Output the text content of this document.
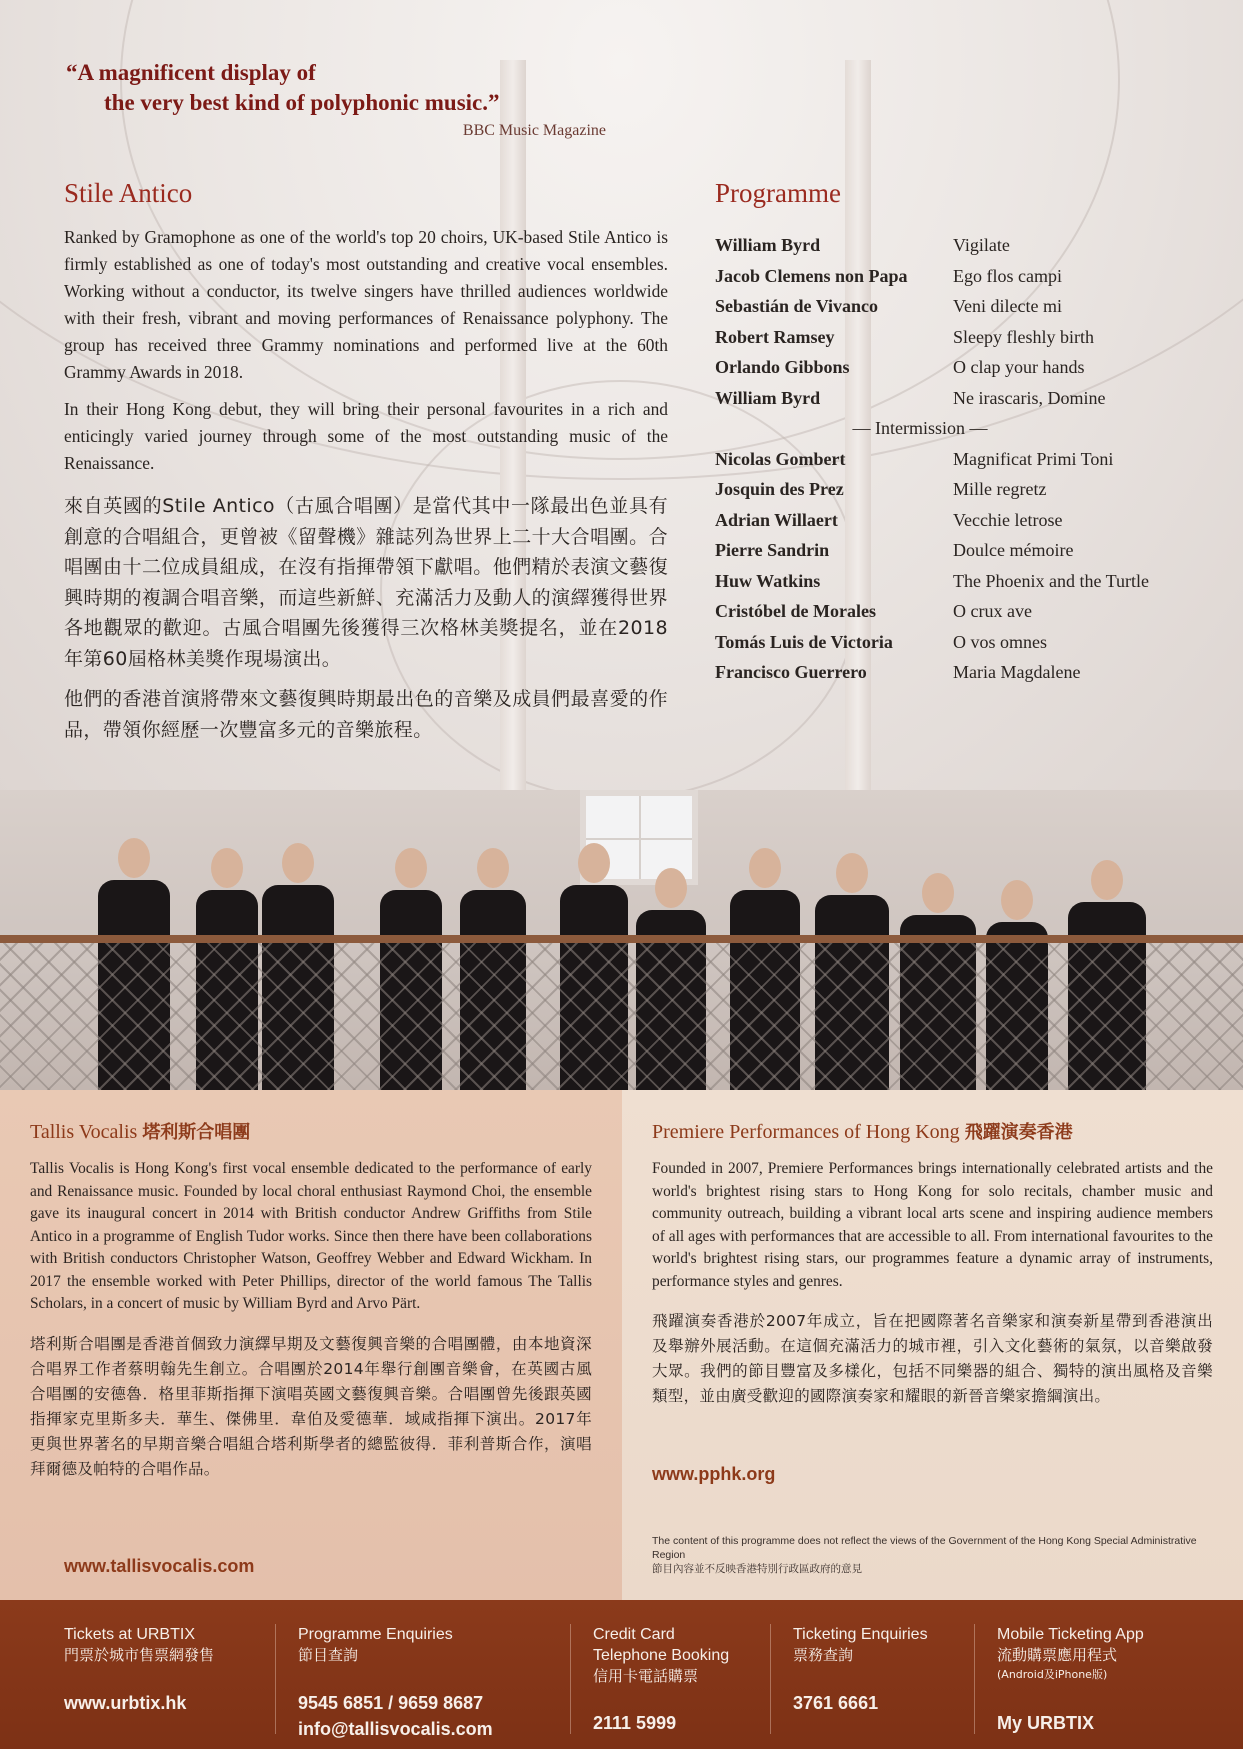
“A magnificent display of
the very best kind of polyphonic music.”
BBC Music Magazine
Stile Antico

Ranked by Gramophone as one of the world's top 20 choirs, UK-based Stile Antico is firmly established as one of today's most outstanding and creative vocal ensembles. Working without a conductor, its twelve singers have thrilled audiences worldwide with their fresh, vibrant and moving performances of Renaissance polyphony. The group has received three Grammy nominations and performed live at the 60th Grammy Awards in 2018.

In their Hong Kong debut, they will bring their personal favourites in a rich and enticingly varied journey through some of the most outstanding music of the Renaissance.

來自英國的Stile Antico（古風合唱團）是當代其中一隊最出色並具有創意的合唱組合，更曾被《留聲機》雜誌列為世界上二十大合唱團。合唱團由十二位成員組成，在沒有指揮帶領下獻唱。他們精於表演文藝復興時期的複調合唱音樂，而這些新鮮、充滿活力及動人的演繹獲得世界各地觀眾的歡迎。古風合唱團先後獲得三次格林美獎提名，並在2018年第60屆格林美獎作現場演出。

他們的香港首演將帶來文藝復興時期最出色的音樂及成員們最喜愛的作品，帶領你經歷一次豐富多元的音樂旅程。

Programme
William Byrd	Vigilate
Jacob Clemens non Papa	Ego flos campi
Sebastián de Vivanco	Veni dilecte mi
Robert Ramsey	Sleepy fleshly birth
Orlando Gibbons	O clap your hands
William Byrd	Ne irascaris, Domine
— Intermission —
Nicolas Gombert	Magnificat Primi Toni
Josquin des Prez	Mille regretz
Adrian Willaert	Vecchie letrose
Pierre Sandrin	Doulce mémoire
Huw Watkins	The Phoenix and the Turtle
Cristóbel de Morales	O crux ave
Tomás Luis de Victoria	O vos omnes
Francisco Guerrero	Maria Magdalene
Tallis Vocalis 塔利斯合唱團

Tallis Vocalis is Hong Kong's first vocal ensemble dedicated to the performance of early and Renaissance music. Founded by local choral enthusiast Raymond Choi, the ensemble gave its inaugural concert in 2014 with British conductor Andrew Griffiths from Stile Antico in a programme of English Tudor works. Since then there have been collaborations with British conductors Christopher Watson, Geoffrey Webber and Edward Wickham. In 2017 the ensemble worked with Peter Phillips, director of the world famous The Tallis Scholars, in a concert of music by William Byrd and Arvo Pärt.

塔利斯合唱團是香港首個致力演繹早期及文藝復興音樂的合唱團體，由本地資深合唱界工作者蔡明翰先生創立。合唱團於2014年舉行創團音樂會，在英國古風合唱團的安德魯．格里菲斯指揮下演唱英國文藝復興音樂。合唱團曾先後跟英國指揮家克里斯多夫．華生、傑佛里．韋伯及愛德華．域咸指揮下演出。2017年更與世界著名的早期音樂合唱組合塔利斯學者的總監彼得．菲利普斯合作，演唱拜爾德及帕特的合唱作品。

www.tallisvocalis.com
Premiere Performances of Hong Kong 飛躍演奏香港

Founded in 2007, Premiere Performances brings internationally celebrated artists and the world's brightest rising stars to Hong Kong for solo recitals, chamber music and community outreach, building a vibrant local arts scene and inspiring audience members of all ages with performances that are accessible to all. From international favourites to the world's brightest rising stars, our programmes feature a dynamic array of instruments, performance styles and genres.

飛躍演奏香港於2007年成立，旨在把國際著名音樂家和演奏新星帶到香港演出及舉辦外展活動。在這個充滿活力的城市裡，引入文化藝術的氣氛，以音樂啟發大眾。我們的節目豐富及多樣化，包括不同樂器的組合、獨特的演出風格及音樂類型，並由廣受歡迎的國際演奏家和耀眼的新晉音樂家擔綱演出。

www.pphk.org
The content of this programme does not reflect the views of the Government of the Hong Kong Special Administrative Region
節目內容並不反映香港特別行政區政府的意見
Tickets at URBTIX
門票於城市售票網發售
www.urbtix.hk
Programme Enquiries
節目查詢
9545 6851 / 9659 8687
info@tallisvocalis.com
Credit Card
Telephone Booking
信用卡電話購票
2111 5999
Ticketing Enquiries
票務查詢
3761 6661
Mobile Ticketing App
流動購票應用程式
(Android及iPhone版)
My URBTIX
